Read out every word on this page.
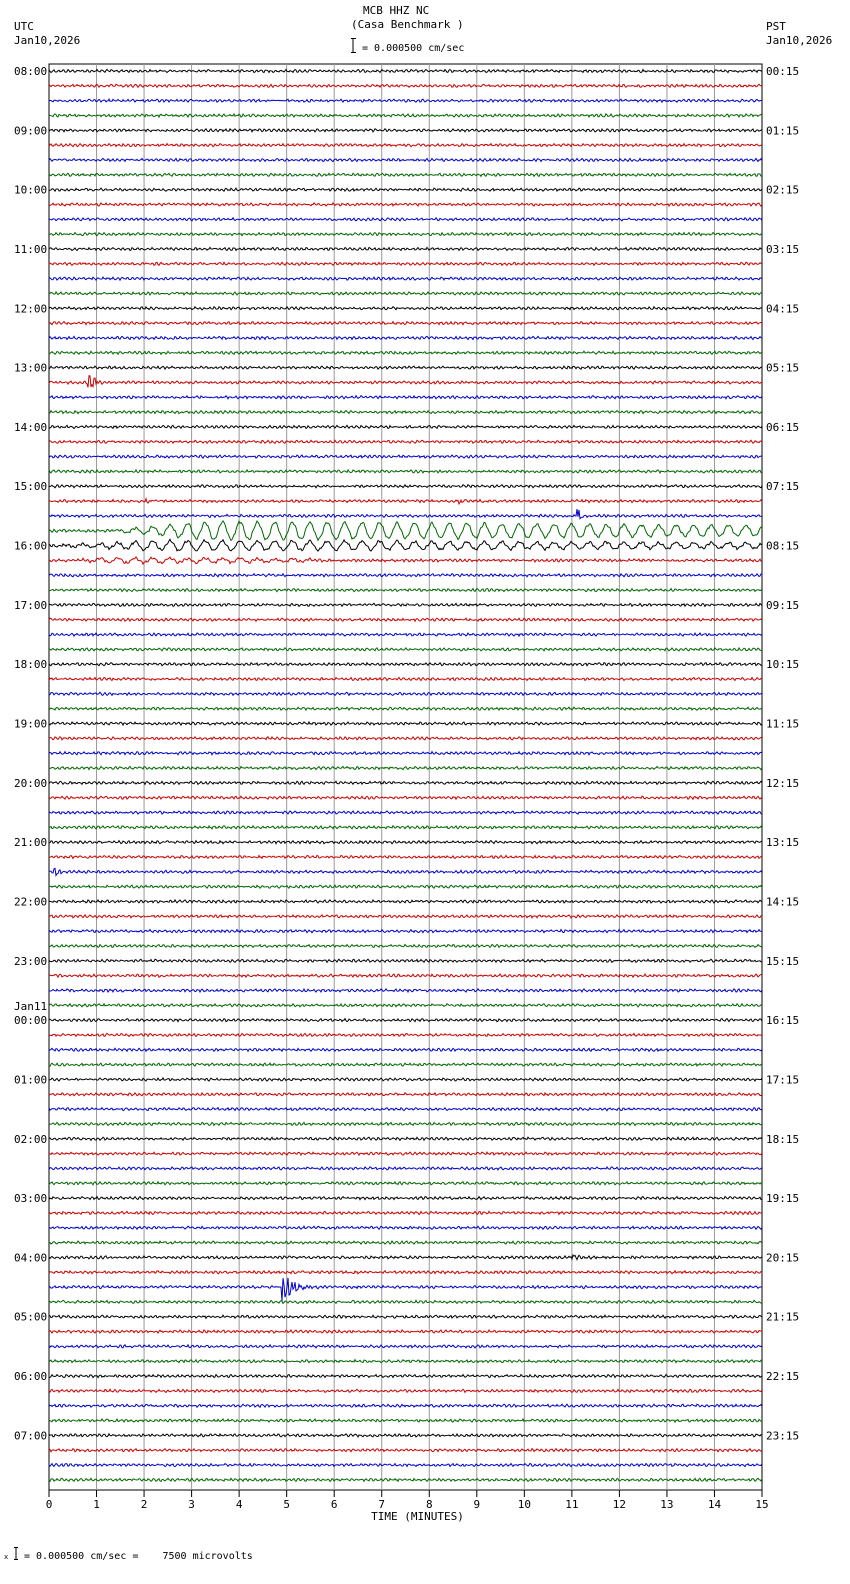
MCB HHZ NC
(Casa Benchmark )
= 0.000500 cm/sec
UTC
Jan10,2026
PST
Jan10,2026
08:00
09:00
10:00
11:00
12:00
13:00
14:00
15:00
16:00
17:00
18:00
19:00
20:00
21:00
22:00
23:00
00:00
01:00
02:00
03:00
04:00
05:00
06:00
07:00
Jan11
00:15
01:15
02:15
03:15
04:15
05:15
06:15
07:15
08:15
09:15
10:15
11:15
12:15
13:15
14:15
15:15
16:15
17:15
18:15
19:15
20:15
21:15
22:15
23:15
0	1	2	3	4	5	6	7	8	9	10	11	12	13	14	15
TIME (MINUTES)
x = 0.000500 cm/sec =    7500 microvolts
